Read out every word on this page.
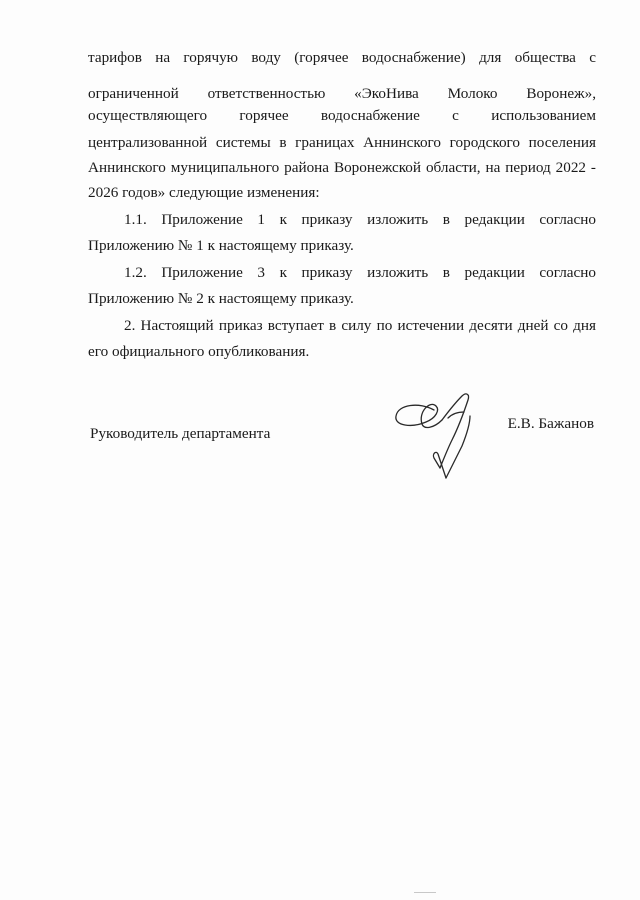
тарифов на горячую воду (горячее водоснабжение) для общества с
ограниченной ответственностью «ЭкоНива Молоко Воронеж»,
осуществляющего горячее водоснабжение с использованием
централизованной системы в границах Аннинского городского поселения
Аннинского муниципального района Воронежской области, на период 2022 -
2026 годов» следующие изменения:
1.1. Приложение 1 к приказу изложить в редакции согласно
Приложению № 1 к настоящему приказу.
1.2. Приложение 3 к приказу изложить в редакции согласно
Приложению № 2 к настоящему приказу.
2. Настоящий приказ вступает в силу по истечении десяти дней со дня
его официального опубликования.
Руководитель департамента
Е.В. Бажанов
